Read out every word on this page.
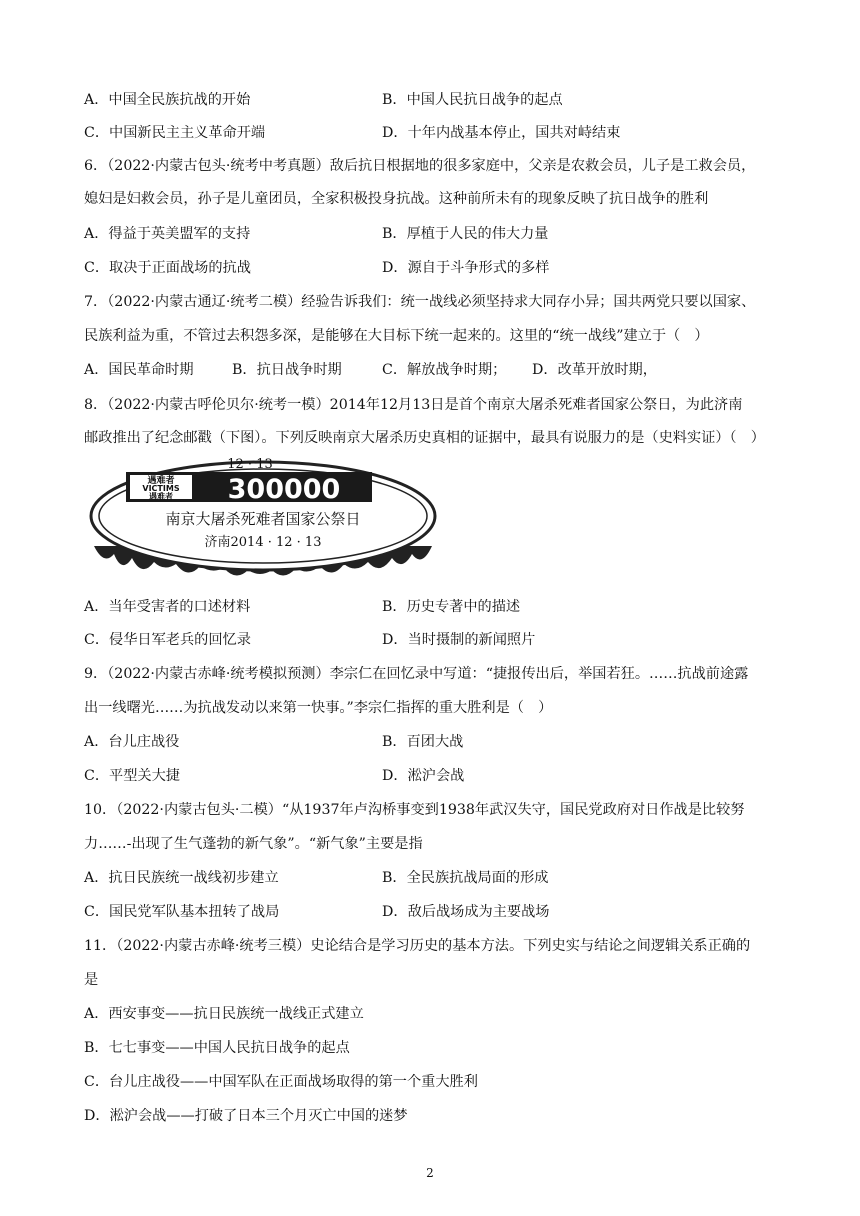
A．中国全民族抗战的开始	B．中国人民抗日战争的起点
C．中国新民主主义革命开端	D．十年内战基本停止，国共对峙结束
6．（2022·内蒙古包头·统考中考真题）敌后抗日根据地的很多家庭中，父亲是农救会员，儿子是工救会员，
媳妇是妇救会员，孙子是儿童团员，全家积极投身抗战。这种前所未有的现象反映了抗日战争的胜利
A．得益于英美盟军的支持	B．厚植于人民的伟大力量
C．取决于正面战场的抗战	D．源自于斗争形式的多样
7．（2022·内蒙古通辽·统考二模）经验告诉我们：统一战线必须坚持求大同存小异；国共两党只要以国家、
民族利益为重，不管过去积怨多深，是能够在大目标下统一起来的。这里的“统一战线”建立于（　）
A．国民革命时期	B．抗日战争时期	C．解放战争时期； D．改革开放时期，
8．（2022·内蒙古呼伦贝尔·统考一模）2014年12月13日是首个南京大屠杀死难者国家公祭日，为此济南
邮政推出了纪念邮戳（下图）。下列反映南京大屠杀历史真相的证据中，最具有说服力的是（史料实证）（　）
12 · 13
遇难者
VICTIMS
遇难者 300000
南京大屠杀死难者国家公祭日
济南2014 · 12 · 13
A．当年受害者的口述材料	B．历史专著中的描述
C．侵华日军老兵的回忆录	D．当时摄制的新闻照片
9．（2022·内蒙古赤峰·统考模拟预测）李宗仁在回忆录中写道：“捷报传出后，举国若狂。……抗战前途露
出一线曙光……为抗战发动以来第一快事。”李宗仁指挥的重大胜利是（　）
A．台儿庄战役	B．百团大战
C．平型关大捷	D．淞沪会战
10．（2022·内蒙古包头·二模）“从1937年卢沟桥事变到1938年武汉失守，国民党政府对日作战是比较努
力……-出现了生气蓬勃的新气象”。“新气象”主要是指
A．抗日民族统一战线初步建立	B．全民族抗战局面的形成
C．国民党军队基本扭转了战局	D．敌后战场成为主要战场
11．（2022·内蒙古赤峰·统考三模）史论结合是学习历史的基本方法。下列史实与结论之间逻辑关系正确的
是
A．西安事变——抗日民族统一战线正式建立
B．七七事变——中国人民抗日战争的起点
C．台儿庄战役——中国军队在正面战场取得的第一个重大胜利
D．淞沪会战——打破了日本三个月灭亡中国的迷梦
2
